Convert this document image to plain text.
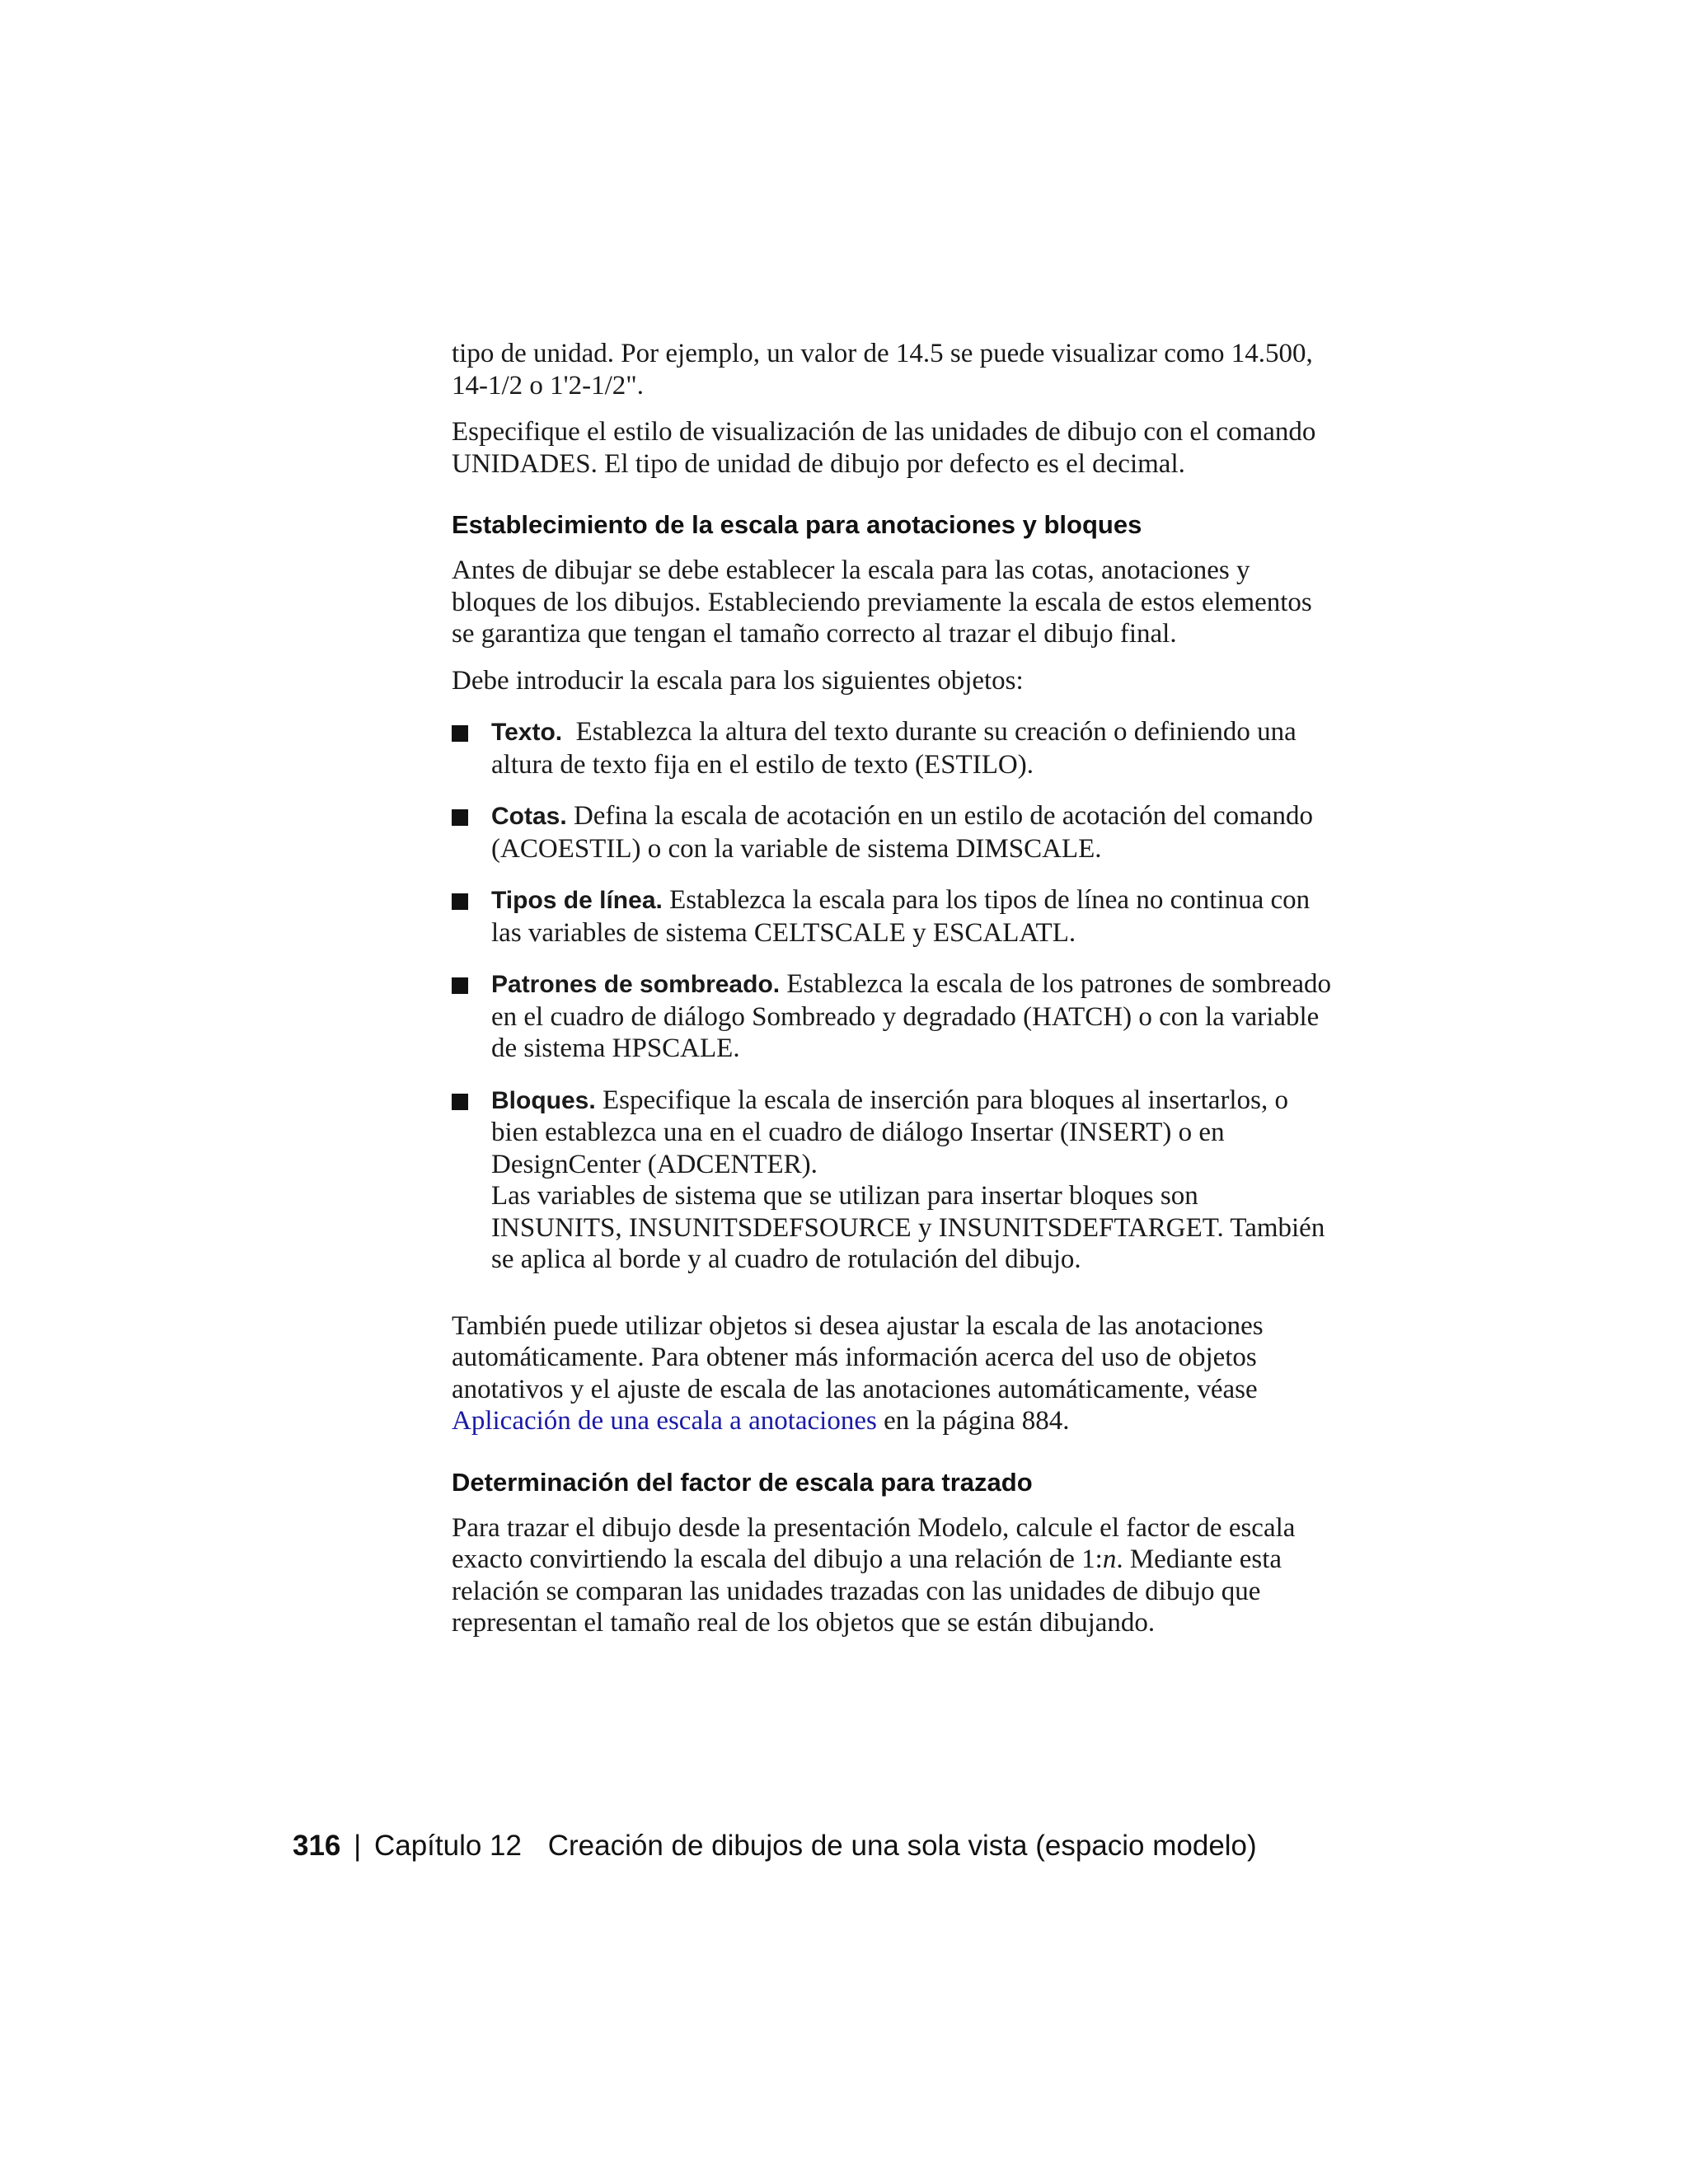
tipo de unidad. Por ejemplo, un valor de 14.5 se puede visualizar como 14.500, 14-1/2 o 1'2-1/2".

Especifique el estilo de visualización de las unidades de dibujo con el comando UNIDADES. El tipo de unidad de dibujo por defecto es el decimal.

Establecimiento de la escala para anotaciones y bloques

Antes de dibujar se debe establecer la escala para las cotas, anotaciones y bloques de los dibujos. Estableciendo previamente la escala de estos elementos se garantiza que tengan el tamaño correcto al trazar el dibujo final.

Debe introducir la escala para los siguientes objetos:

Texto. Establezca la altura del texto durante su creación o definiendo una altura de texto fija en el estilo de texto (ESTILO).
Cotas. Defina la escala de acotación en un estilo de acotación del comando (ACOESTIL) o con la variable de sistema DIMSCALE.
Tipos de línea. Establezca la escala para los tipos de línea no continua con las variables de sistema CELTSCALE y ESCALATL.
Patrones de sombreado. Establezca la escala de los patrones de sombreado en el cuadro de diálogo Sombreado y degradado (HATCH) o con la variable de sistema HPSCALE.
Bloques. Especifique la escala de inserción para bloques al insertarlos, o bien establezca una en el cuadro de diálogo Insertar (INSERT) o en DesignCenter (ADCENTER).
Las variables de sistema que se utilizan para insertar bloques son INSUNITS, INSUNITSDEFSOURCE y INSUNITSDEFTARGET. También se aplica al borde y al cuadro de rotulación del dibujo.

También puede utilizar objetos si desea ajustar la escala de las anotaciones automáticamente. Para obtener más información acerca del uso de objetos anotativos y el ajuste de escala de las anotaciones automáticamente, véase Aplicación de una escala a anotaciones en la página 884.

Determinación del factor de escala para trazado

Para trazar el dibujo desde la presentación Modelo, calcule el factor de escala exacto convirtiendo la escala del dibujo a una relación de 1:n. Mediante esta relación se comparan las unidades trazadas con las unidades de dibujo que representan el tamaño real de los objetos que se están dibujando.

316 | Capítulo 12 Creación de dibujos de una sola vista (espacio modelo)
